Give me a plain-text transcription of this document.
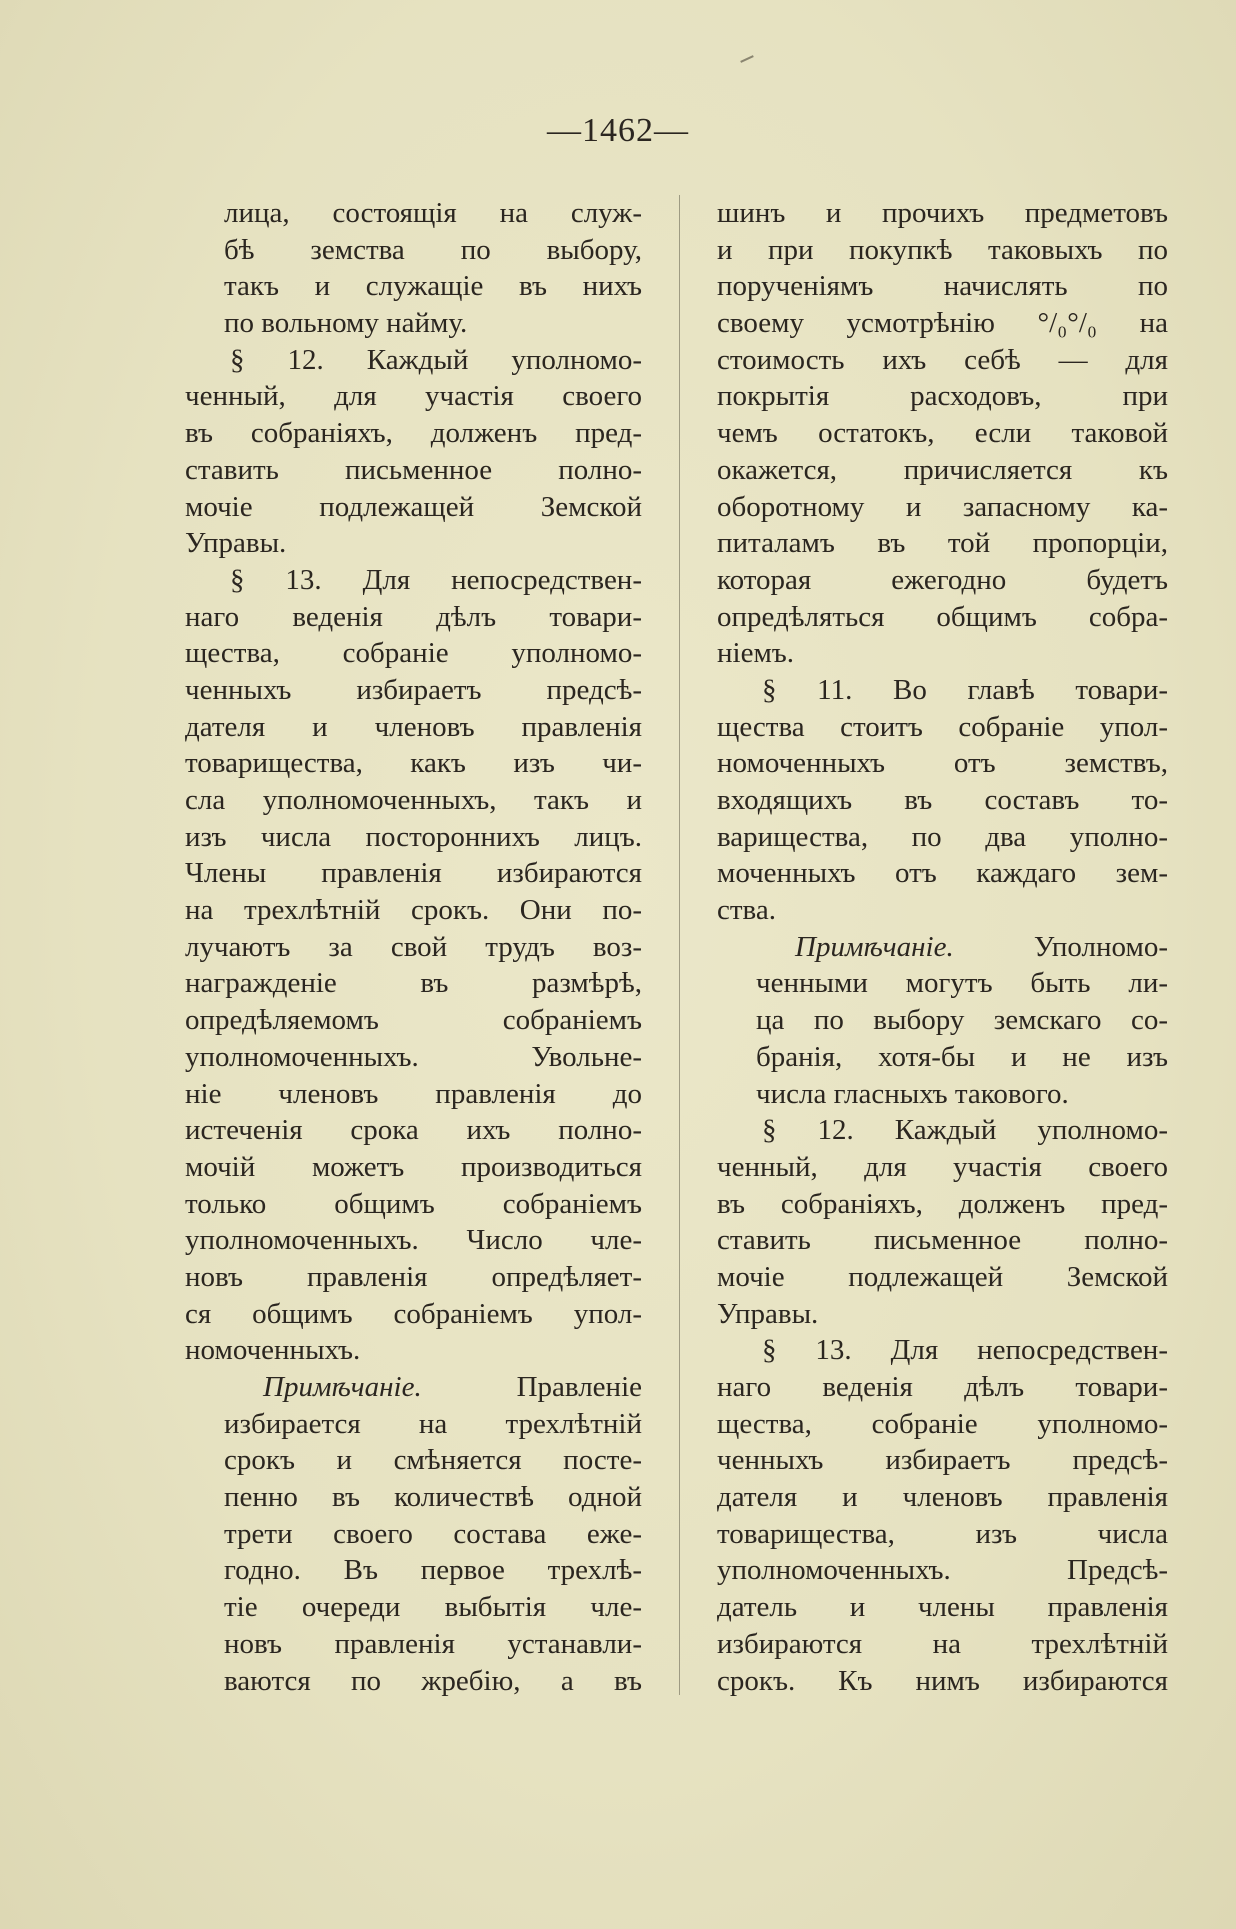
—1462—
лица, состоящія на служ-
бѣ земства по выбору,
такъ и служащіе въ нихъ
по вольному найму.
§ 12. Каждый уполномо-
ченный, для участія своего
въ собраніяхъ, долженъ пред-
ставить письменное полно-
мочіе подлежащей Земской
Управы.
§ 13. Для непосредствен-
наго веденія дѣлъ товари-
щества, собраніе уполномо-
ченныхъ избираетъ предсѣ-
дателя и членовъ правленія
товарищества, какъ изъ чи-
сла уполномоченныхъ, такъ и
изъ числа постороннихъ лицъ.
Члены правленія избираются
на трехлѣтній срокъ. Они по-
лучаютъ за свой трудъ воз-
награжденіе въ размѣрѣ,
опредѣляемомъ собраніемъ
уполномоченныхъ. Увольне-
ніе членовъ правленія до
истеченія срока ихъ полно-
мочій можетъ производиться
только общимъ собраніемъ
уполномоченныхъ. Число чле-
новъ правленія опредѣляет-
ся общимъ собраніемъ упол-
номоченныхъ.
Примѣчаніе. Правленіе
избирается на трехлѣтній
срокъ и смѣняется посте-
пенно въ количествѣ одной
трети своего состава еже-
годно. Въ первое трехлѣ-
тіе очереди выбытія чле-
новъ правленія устанавли-
ваются по жребію, а въ
шинъ и прочихъ предметовъ
и при покупкѣ таковыхъ по
порученіямъ начислять по
своему усмотрѣнію °/₀°/₀ на
стоимость ихъ себѣ — для
покрытія расходовъ, при
чемъ остатокъ, если таковой
окажется, причисляется къ
оборотному и запасному ка-
питаламъ въ той пропорціи,
которая ежегодно будетъ
опредѣляться общимъ собра-
ніемъ.
§ 11. Во главѣ товари-
щества стоитъ собраніе упол-
номоченныхъ отъ земствъ,
входящихъ въ составъ то-
варищества, по два уполно-
моченныхъ отъ каждаго зем-
ства.
Примѣчаніе. Уполномо-
ченными могутъ быть ли-
ца по выбору земскаго со-
бранія, хотя-бы и не изъ
числа гласныхъ такового.
§ 12. Каждый уполномо-
ченный, для участія своего
въ собраніяхъ, долженъ пред-
ставить письменное полно-
мочіе подлежащей Земской
Управы.
§ 13. Для непосредствен-
наго веденія дѣлъ товари-
щества, собраніе уполномо-
ченныхъ избираетъ предсѣ-
дателя и членовъ правленія
товарищества, изъ числа
уполномоченныхъ. Предсѣ-
датель и члены правленія
избираются на трехлѣтній
срокъ. Къ нимъ избираются
